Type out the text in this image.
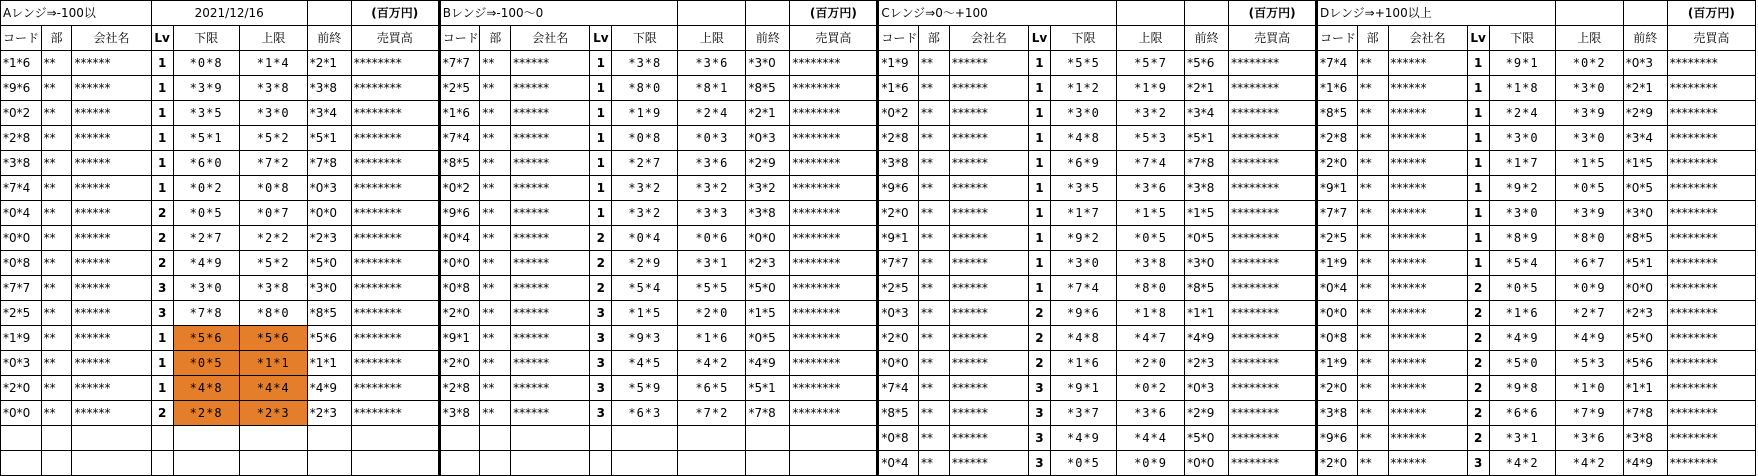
Aレンジ⇒-100以			2021/12/16				(百万円)	Bレンジ⇒-100～0							(百万円)	Cレンジ⇒0～+100							(百万円)	Dレンジ⇒+100以上							(百万円)
コード	部	会社名	Lv	下限	上限	前終	売買高	コード	部	会社名	Lv	下限	上限	前終	売買高	コード	部	会社名	Lv	下限	上限	前終	売買高	コード	部	会社名	Lv	下限	上限	前終	売買高
*1*6	**	******	1	*0*8	*1*4	*2*1	********	*7*7	**	******	1	*3*8	*3*6	*3*0	********	*1*9	**	******	1	*5*5	*5*7	*5*6	********	*7*4	**	******	1	*9*1	*0*2	*0*3	********
*9*6	**	******	1	*3*9	*3*8	*3*8	********	*2*5	**	******	1	*8*0	*8*1	*8*5	********	*1*6	**	******	1	*1*2	*1*9	*2*1	********	*1*6	**	******	1	*1*8	*3*0	*2*1	********
*0*2	**	******	1	*3*5	*3*0	*3*4	********	*1*6	**	******	1	*1*9	*2*4	*2*1	********	*0*2	**	******	1	*3*0	*3*2	*3*4	********	*8*5	**	******	1	*2*4	*3*9	*2*9	********
*2*8	**	******	1	*5*1	*5*2	*5*1	********	*7*4	**	******	1	*0*8	*0*3	*0*3	********	*2*8	**	******	1	*4*8	*5*3	*5*1	********	*2*8	**	******	1	*3*0	*3*0	*3*4	********
*3*8	**	******	1	*6*0	*7*2	*7*8	********	*8*5	**	******	1	*2*7	*3*6	*2*9	********	*3*8	**	******	1	*6*9	*7*4	*7*8	********	*2*0	**	******	1	*1*7	*1*5	*1*5	********
*7*4	**	******	1	*0*2	*0*8	*0*3	********	*0*2	**	******	1	*3*2	*3*2	*3*2	********	*9*6	**	******	1	*3*5	*3*6	*3*8	********	*9*1	**	******	1	*9*2	*0*5	*0*5	********
*0*4	**	******	2	*0*5	*0*7	*0*0	********	*9*6	**	******	1	*3*2	*3*3	*3*8	********	*2*0	**	******	1	*1*7	*1*5	*1*5	********	*7*7	**	******	1	*3*0	*3*9	*3*0	********
*0*0	**	******	2	*2*7	*2*2	*2*3	********	*0*4	**	******	2	*0*4	*0*6	*0*0	********	*9*1	**	******	1	*9*2	*0*5	*0*5	********	*2*5	**	******	1	*8*9	*8*0	*8*5	********
*0*8	**	******	2	*4*9	*5*2	*5*0	********	*0*0	**	******	2	*2*9	*3*1	*2*3	********	*7*7	**	******	1	*3*0	*3*8	*3*0	********	*1*9	**	******	1	*5*4	*6*7	*5*1	********
*7*7	**	******	3	*3*0	*3*8	*3*0	********	*0*8	**	******	2	*5*4	*5*5	*5*0	********	*2*5	**	******	1	*7*4	*8*0	*8*5	********	*0*4	**	******	2	*0*5	*0*9	*0*0	********
*2*5	**	******	3	*7*8	*8*0	*8*5	********	*2*0	**	******	3	*1*5	*2*0	*1*5	********	*0*3	**	******	2	*9*6	*1*8	*1*1	********	*0*0	**	******	2	*1*6	*2*7	*2*3	********
*1*9	**	******	1	*5*6	*5*6	*5*6	********	*9*1	**	******	3	*9*3	*1*6	*0*5	********	*2*0	**	******	2	*4*8	*4*7	*4*9	********	*0*8	**	******	2	*4*9	*4*9	*5*0	********
*0*3	**	******	1	*0*5	*1*1	*1*1	********	*2*0	**	******	3	*4*5	*4*2	*4*9	********	*0*0	**	******	2	*1*6	*2*0	*2*3	********	*1*9	**	******	2	*5*0	*5*3	*5*6	********
*2*0	**	******	1	*4*8	*4*4	*4*9	********	*2*8	**	******	3	*5*9	*6*5	*5*1	********	*7*4	**	******	3	*9*1	*0*2	*0*3	********	*2*0	**	******	2	*9*8	*1*0	*1*1	********
*0*0	**	******	2	*2*8	*2*3	*2*3	********	*3*8	**	******	3	*6*3	*7*2	*7*8	********	*8*5	**	******	3	*3*7	*3*6	*2*9	********	*3*8	**	******	2	*6*6	*7*9	*7*8	********
																*0*8	**	******	3	*4*9	*4*4	*5*0	********	*9*6	**	******	2	*3*1	*3*6	*3*8	********
																*0*4	**	******	3	*0*5	*0*9	*0*0	********	*2*0	**	******	3	*4*2	*4*2	*4*9	********
